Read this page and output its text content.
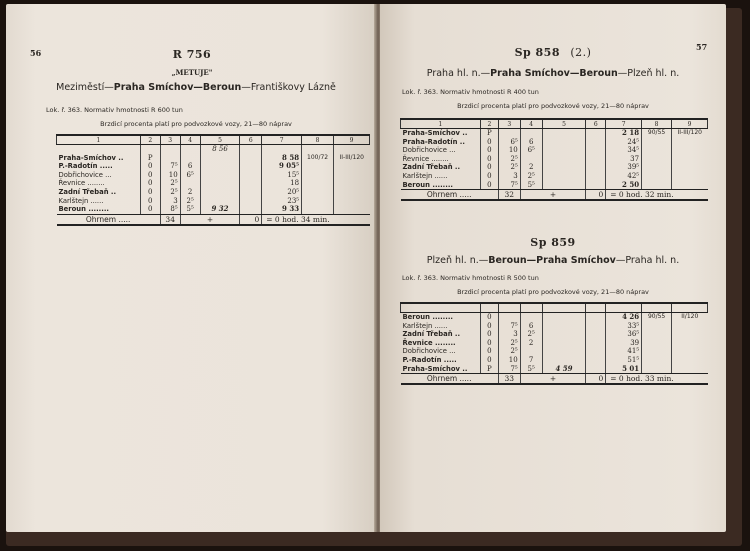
56	R 756
„METUJE"
Meziměstí—Praha Smíchov—Beroun—Františkovy Lázně
Lok. ř. 363. Normativ hmotnosti R 600 tun
Brzdicí procenta platí pro podvozkové vozy, 21—80 náprav
1	2	3	4	5	6	7	8	9
				8 56				
Praha-Smíchov ..	P					8 58	100/72	II-III/120
P.-Radotín .....	0	7⁵	6			9 05⁵		
Dobřichovice ...	0	10	6⁵			15⁵		
Řevnice ........	0	2⁵				18		
Zadní Třebaň ..	0	2⁵	2			20⁵		
Karlštejn ......	0	3	2⁵			23⁵		
Beroun ........	0	8⁵	5⁵	9 32		9 33		
Ohrnem .....		34	+		0	= 0 hod. 34 min.		
57
Sp 858 (2.)
Praha hl. n.—Praha Smíchov—Beroun—Plzeň hl. n.
Lok. ř. 363. Normativ hmotnosti R 400 tun
Brzdicí procenta platí pro podvozkové vozy, 21—80 náprav
1	2	3	4	5	6	7	8	9
Praha-Smíchov ..	P					2 18	90/55	II-III/120
Praha-Radotín ..	0	6⁵	6			24⁵		
Dobřichovice ...	0	10	6⁵			34⁵		
Řevnice ........	0	2⁵				37		
Zadní Třebaň ..	0	2⁵	2			39⁵		
Karlštejn ......	0	3	2⁵			42⁵		
Beroun ........	0	7⁵	5⁵			2 50		
Ohrnem .....		32	+		0	= 0 hod. 32 min.		
Sp 859
Plzeň hl. n.—Beroun—Praha Smíchov—Praha hl. n.
Lok. ř. 363. Normativ hmotnosti R 500 tun
Brzdicí procenta platí pro podvozkové vozy, 21—80 náprav

Beroun ........	0					4 26	90/55	II/120
Karlštejn ......	0	7⁵	6			33⁵		
Zadní Třebaň ..	0	3	2⁵			36⁵		
Řevnice ........	0	2⁵	2			39		
Dobřichovice ...	0	2⁵				41⁵		
P.-Radotín .....	0	10	7			51⁵		
Praha-Smíchov ..	P	7⁵	5⁵	4 59		5 01		
Ohrnem .....		33	+		0	= 0 hod. 33 min.		
